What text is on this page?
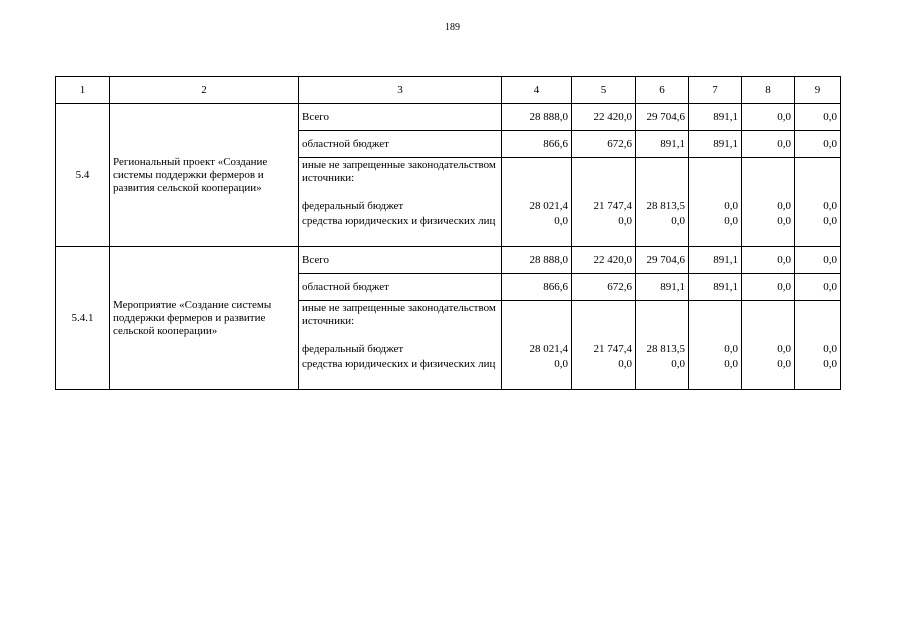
189
1	2	3	4	5	6	7	8	9
5.4	Региональный проект «Создание системы поддержки фермеров и развития сельской кооперации»	Всего	28 888,0	22 420,0	29 704,6	891,1	0,0	0,0
		областной бюджет	866,6	672,6	891,1	891,1	0,0	0,0
		иные не запрещенные законодательством источники:						
		федеральный бюджет	28 021,4	21 747,4	28 813,5	0,0	0,0	0,0
		средства юридических и физических лиц	0,0	0,0	0,0	0,0	0,0	0,0
5.4.1	Мероприятие «Создание системы поддержки фермеров и развитие сельской кооперации»	Всего	28 888,0	22 420,0	29 704,6	891,1	0,0	0,0
		областной бюджет	866,6	672,6	891,1	891,1	0,0	0,0
		иные не запрещенные законодательством источники:						
		федеральный бюджет	28 021,4	21 747,4	28 813,5	0,0	0,0	0,0
		средства юридических и физических лиц	0,0	0,0	0,0	0,0	0,0	0,0
